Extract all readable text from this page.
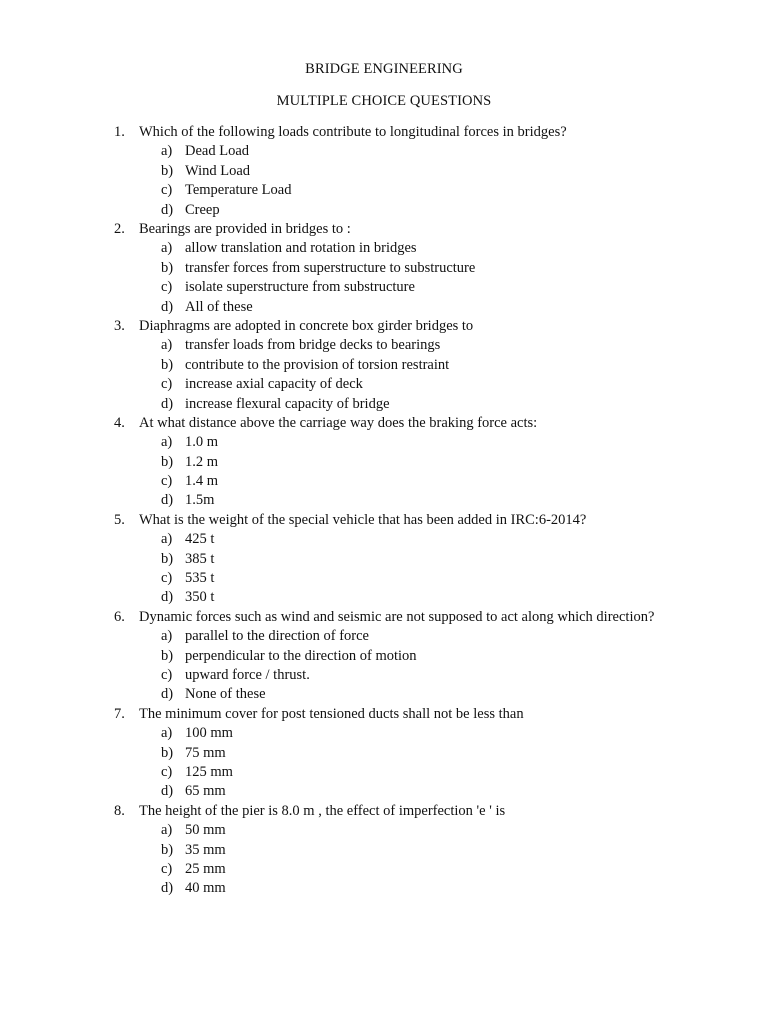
BRIDGE ENGINEERING
MULTIPLE CHOICE QUESTIONS
1. Which of the following loads contribute to longitudinal forces in bridges?
a) Dead Load
b) Wind Load
c) Temperature Load
d) Creep
2. Bearings are provided in bridges to :
a) allow translation and rotation in bridges
b) transfer forces from superstructure to substructure
c) isolate superstructure from substructure
d) All of these
3. Diaphragms are adopted in concrete box girder bridges to
a) transfer loads from bridge decks to bearings
b) contribute to the provision of torsion restraint
c) increase axial capacity of deck
d) increase flexural capacity of bridge
4. At what distance above the carriage way does the braking force acts:
a) 1.0 m
b) 1.2 m
c) 1.4 m
d) 1.5m
5. What is the weight of the special vehicle that has been added in IRC:6-2014?
a) 425 t
b) 385 t
c) 535 t
d) 350 t
6. Dynamic forces such as wind and seismic are not supposed to act along which direction?
a) parallel to the direction of force
b) perpendicular to the direction of motion
c) upward force / thrust.
d) None of these
7. The minimum cover for post tensioned ducts shall not be less than
a) 100 mm
b) 75 mm
c) 125 mm
d) 65 mm
8. The height of the pier is 8.0 m , the effect of imperfection 'e ' is
a) 50 mm
b) 35 mm
c) 25 mm
d) 40 mm
